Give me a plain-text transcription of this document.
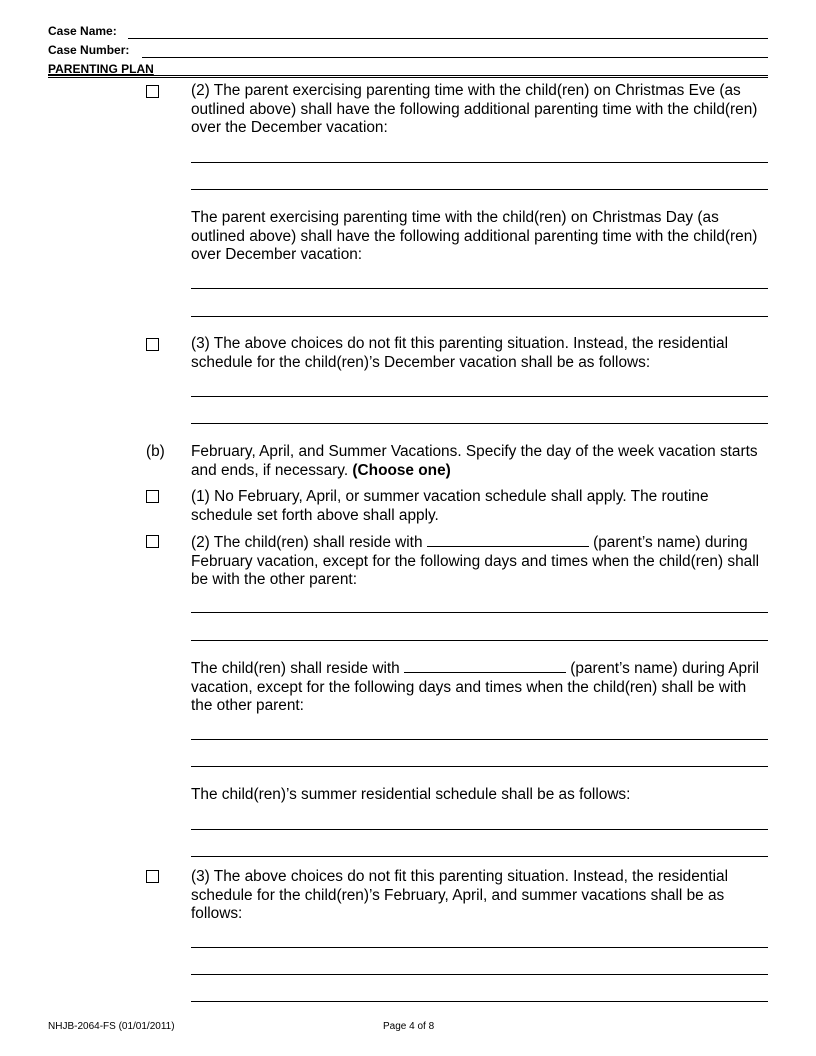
Case Name:
Case Number:
PARENTING PLAN
(2) The parent exercising parenting time with the child(ren) on Christmas Eve (as outlined above) shall have the following additional parenting time with the child(ren) over the December vacation:
The parent exercising parenting time with the child(ren) on Christmas Day (as outlined above) shall have the following additional parenting time with the child(ren) over December vacation:
(3) The above choices do not fit this parenting situation. Instead, the residential schedule for the child(ren)’s December vacation shall be as follows:
(b) February, April, and Summer Vacations. Specify the day of the week vacation starts and ends, if necessary. (Choose one)
(1) No February, April, or summer vacation schedule shall apply. The routine schedule set forth above shall apply.
(2) The child(ren) shall reside with	(parent’s name) during February vacation, except for the following days and times when the child(ren) shall be with the other parent:
The child(ren) shall reside with	(parent’s name) during April vacation, except for the following days and times when the child(ren) shall be with the other parent:
The child(ren)’s summer residential schedule shall be as follows:
(3) The above choices do not fit this parenting situation. Instead, the residential schedule for the child(ren)’s February, April, and summer vacations shall be as follows:
NHJB-2064-FS (01/01/2011)	Page 4 of 8
